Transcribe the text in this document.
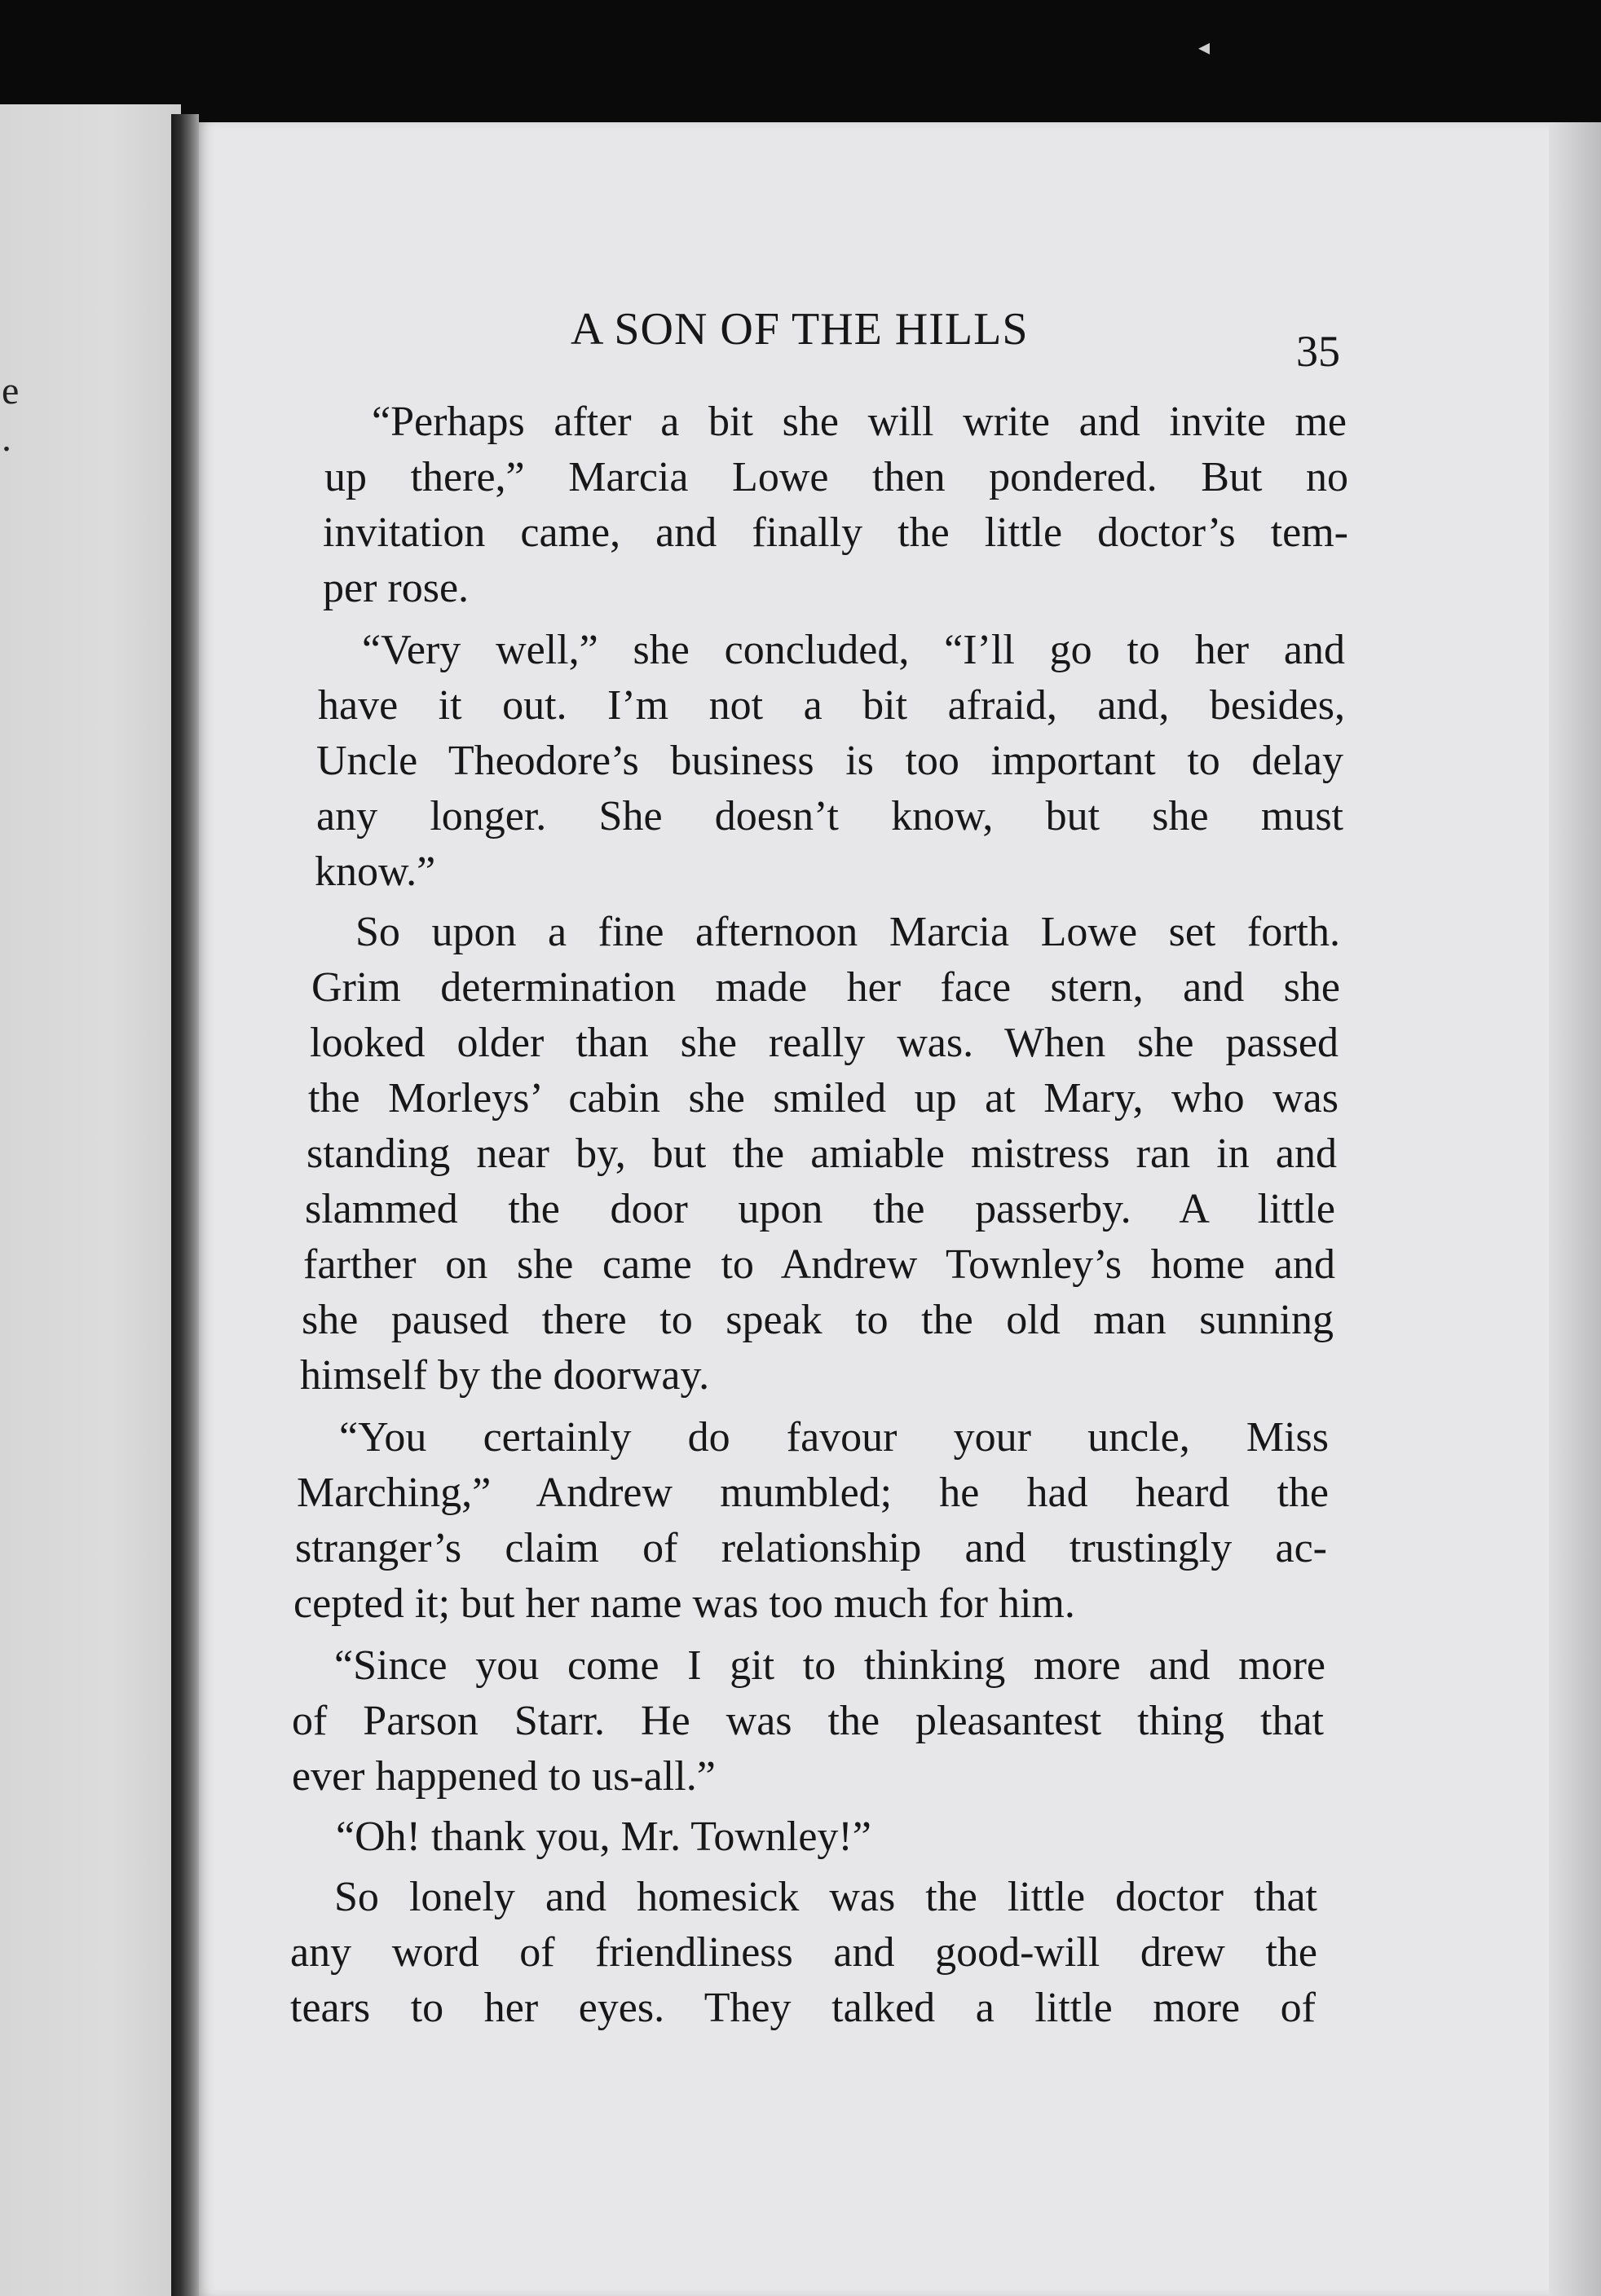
◂
e
.
A SON OF THE HILLS	35
“Perhaps after a bit she will write and invite me
up there,” Marcia Lowe then pondered. But no
invitation came, and finally the little doctor’s tem-
per rose.
“Very well,” she concluded, “I’ll go to her and
have it out. I’m not a bit afraid, and, besides,
Uncle Theodore’s business is too important to delay
any longer. She doesn’t know, but she must
know.”
So upon a fine afternoon Marcia Lowe set forth.
Grim determination made her face stern, and she
looked older than she really was. When she passed
the Morleys’ cabin she smiled up at Mary, who was
standing near by, but the amiable mistress ran in and
slammed the door upon the passerby. A little
farther on she came to Andrew Townley’s home and
she paused there to speak to the old man sunning
himself by the doorway.
“You certainly do favour your uncle, Miss
Marching,” Andrew mumbled; he had heard the
stranger’s claim of relationship and trustingly ac-
cepted it; but her name was too much for him.
“Since you come I git to thinking more and more
of Parson Starr. He was the pleasantest thing that
ever happened to us-all.”
“Oh! thank you, Mr. Townley!”
So lonely and homesick was the little doctor that
any word of friendliness and good-will drew the
tears to her eyes. They talked a little more of
